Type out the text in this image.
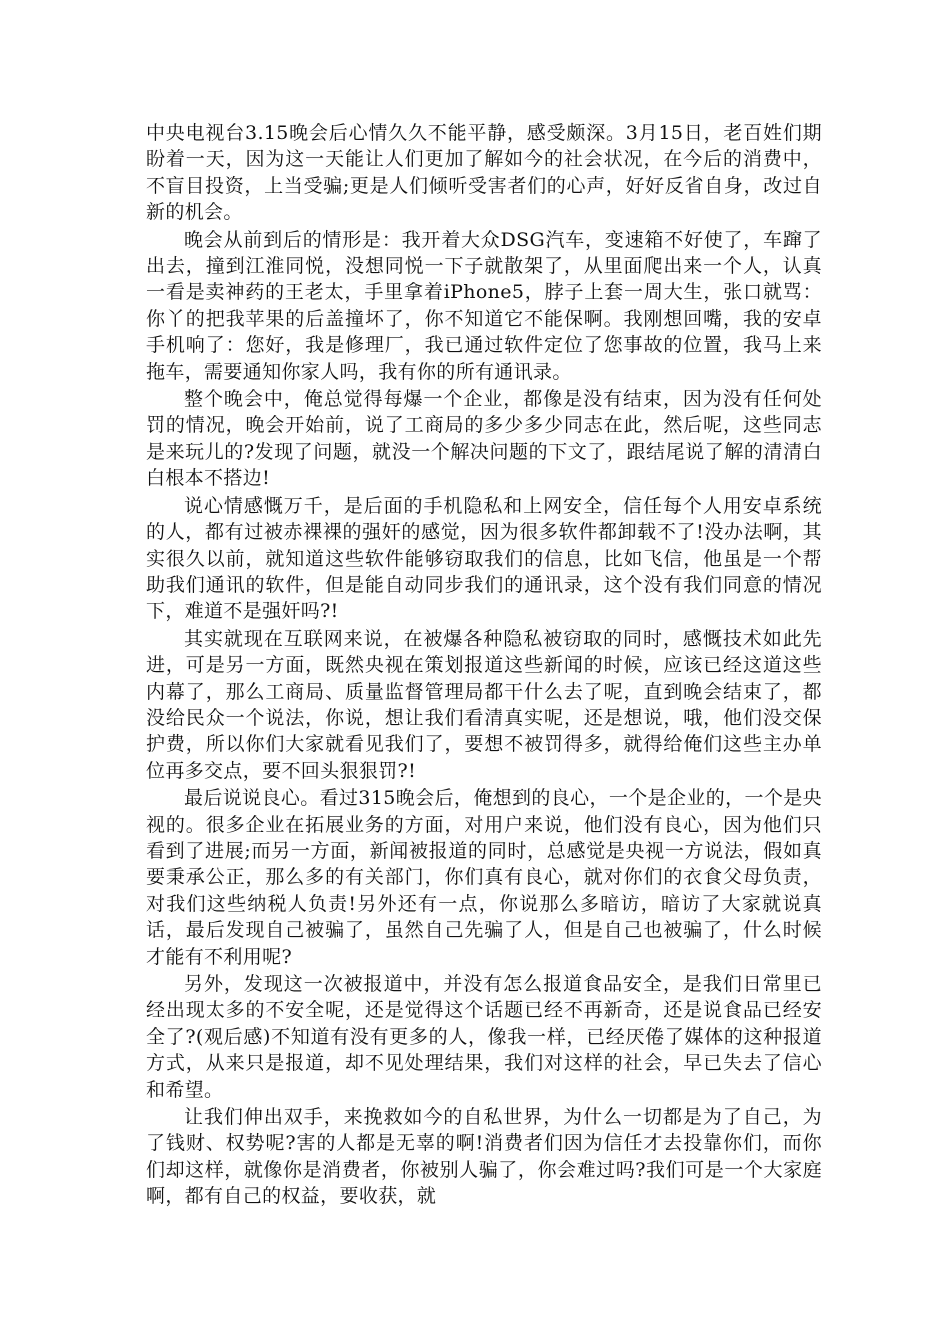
中央电视台3.15晚会后心情久久不能平静，感受颇深。3月15日，老百姓们期盼着一天，因为这一天能让人们更加了解如今的社会状况，在今后的消费中，不盲目投资，上当受骗;更是人们倾听受害者们的心声，好好反省自身，改过自新的机会。

晚会从前到后的情形是：我开着大众DSG汽车，变速箱不好使了，车蹿了出去，撞到江淮同悦，没想同悦一下子就散架了，从里面爬出来一个人，认真一看是卖神药的王老太，手里拿着iPhone5，脖子上套一周大生，张口就骂：你丫的把我苹果的后盖撞坏了，你不知道它不能保啊。我刚想回嘴，我的安卓手机响了：您好，我是修理厂，我已通过软件定位了您事故的位置，我马上来拖车，需要通知你家人吗，我有你的所有通讯录。

整个晚会中，俺总觉得每爆一个企业，都像是没有结束，因为没有任何处罚的情况，晚会开始前，说了工商局的多少多少同志在此，然后呢，这些同志是来玩儿的?发现了问题，就没一个解决问题的下文了，跟结尾说了解的清清白白根本不搭边!

说心情感慨万千，是后面的手机隐私和上网安全，信任每个人用安卓系统的人，都有过被赤裸裸的强奸的感觉，因为很多软件都卸载不了!没办法啊，其实很久以前，就知道这些软件能够窃取我们的信息，比如飞信，他虽是一个帮助我们通讯的软件，但是能自动同步我们的通讯录，这个没有我们同意的情况下，难道不是强奸吗?!

其实就现在互联网来说，在被爆各种隐私被窃取的同时，感慨技术如此先进，可是另一方面，既然央视在策划报道这些新闻的时候，应该已经这道这些内幕了，那么工商局、质量监督管理局都干什么去了呢，直到晚会结束了，都没给民众一个说法，你说，想让我们看清真实呢，还是想说，哦，他们没交保护费，所以你们大家就看见我们了，要想不被罚得多，就得给俺们这些主办单位再多交点，要不回头狠狠罚?!

最后说说良心。看过315晚会后，俺想到的良心，一个是企业的，一个是央视的。很多企业在拓展业务的方面，对用户来说，他们没有良心，因为他们只看到了进展;而另一方面，新闻被报道的同时，总感觉是央视一方说法，假如真要秉承公正，那么多的有关部门，你们真有良心，就对你们的衣食父母负责，对我们这些纳税人负责!另外还有一点，你说那么多暗访，暗访了大家就说真话，最后发现自己被骗了，虽然自己先骗了人，但是自己也被骗了，什么时候才能有不利用呢?

另外，发现这一次被报道中，并没有怎么报道食品安全，是我们日常里已经出现太多的不安全呢，还是觉得这个话题已经不再新奇，还是说食品已经安全了?(观后感)不知道有没有更多的人，像我一样，已经厌倦了媒体的这种报道方式，从来只是报道，却不见处理结果，我们对这样的社会，早已失去了信心和希望。

让我们伸出双手，来挽救如今的自私世界，为什么一切都是为了自己，为了钱财、权势呢?害的人都是无辜的啊!消费者们因为信任才去投靠你们，而你们却这样，就像你是消费者，你被别人骗了，你会难过吗?我们可是一个大家庭啊，都有自己的权益，要收获，就
